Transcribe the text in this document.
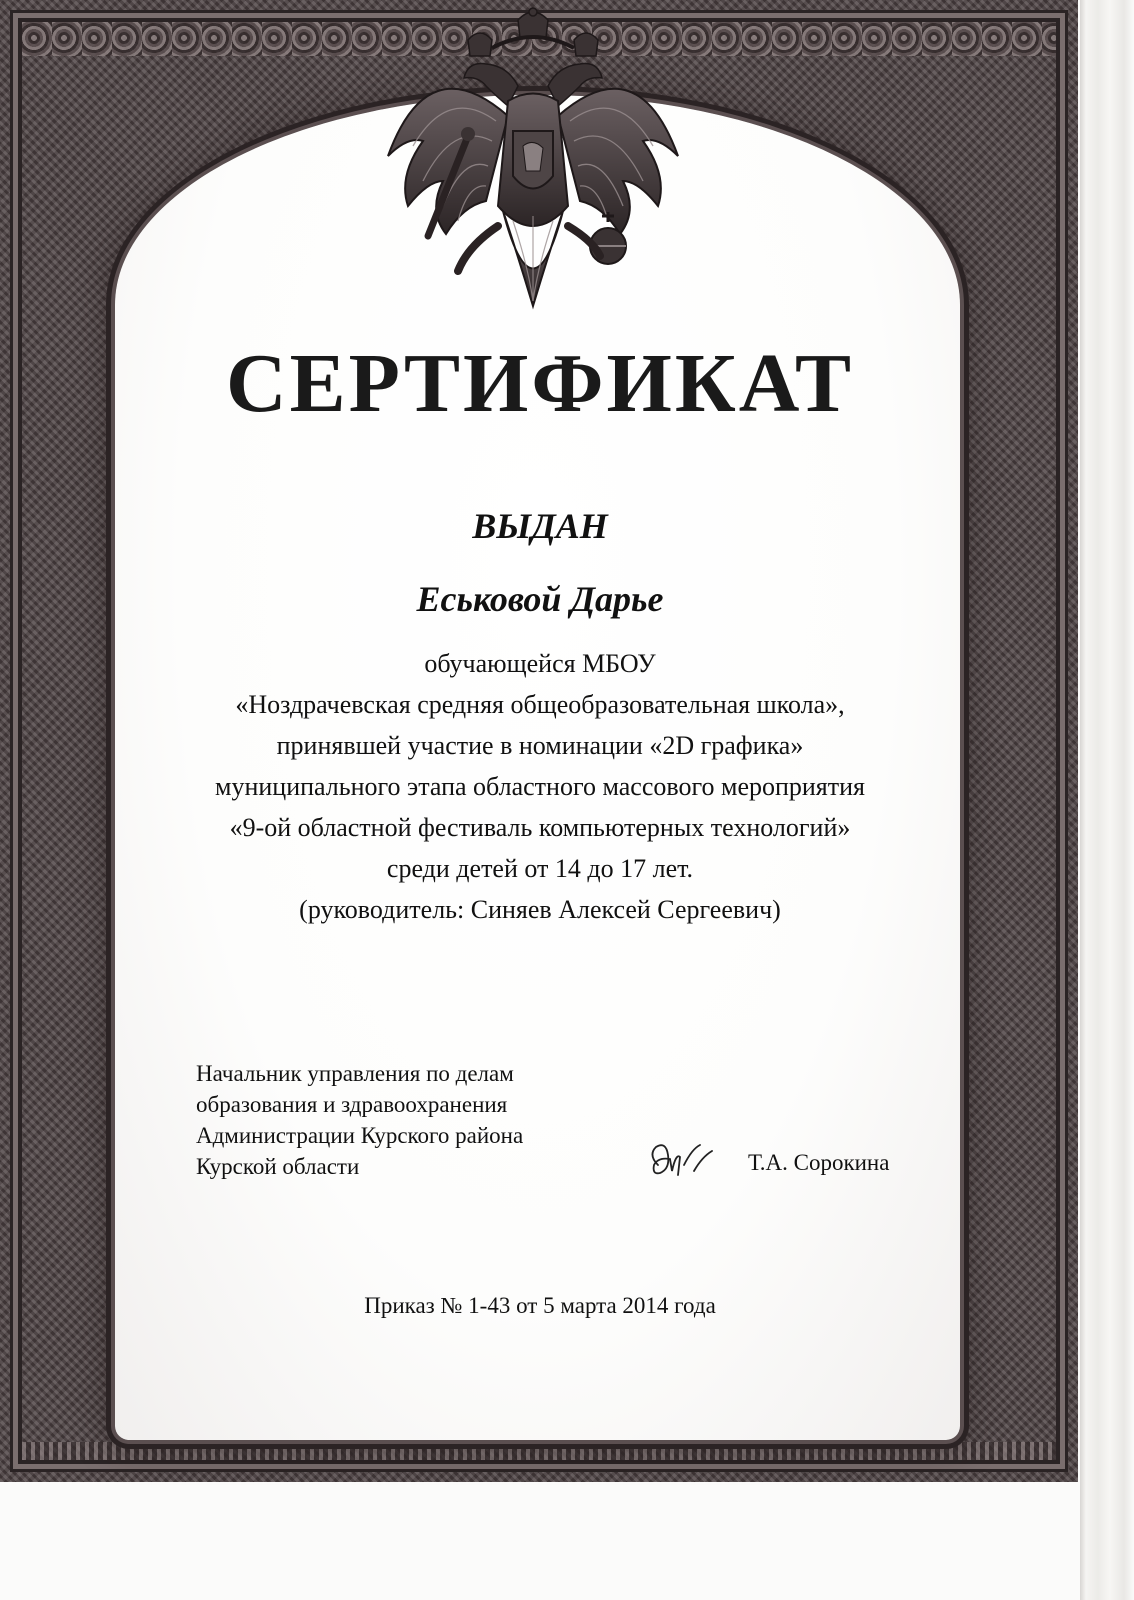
СЕРТИФИКАТ
ВЫДАН
Еськовой Дарье
обучающейся МБОУ
«Ноздрачевская средняя общеобразовательная школа»,
принявшей участие в номинации «2D графика»
муниципального этапа областного массового мероприятия
«9-ой областной фестиваль компьютерных технологий»
среди детей от 14 до 17 лет.
(руководитель: Синяев Алексей Сергеевич)
Начальник управления по делам
образования и здравоохранения
Администрации Курского района
Курской области	Т.А. Сорокина
Приказ № 1-43 от 5 марта 2014 года
